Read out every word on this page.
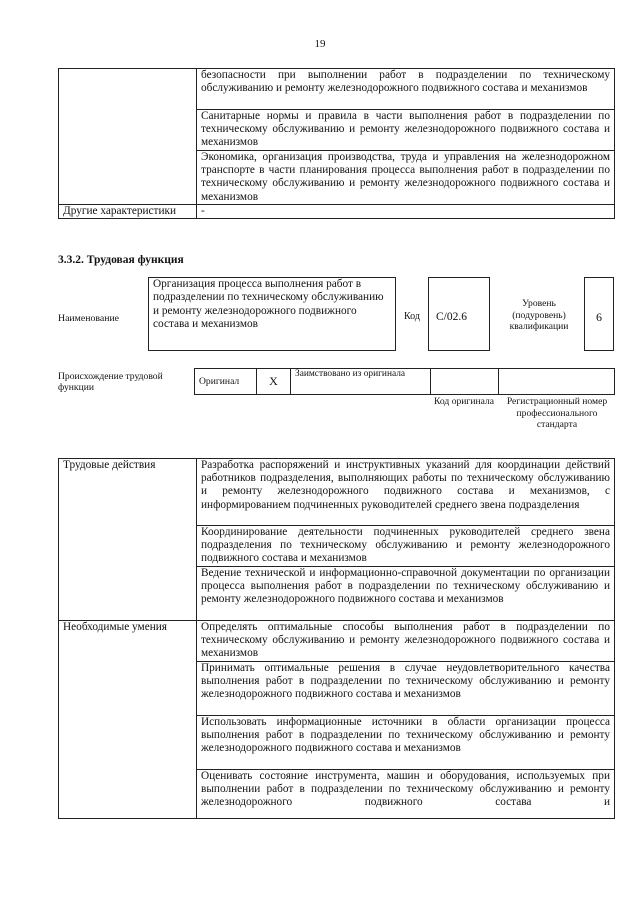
19
	безопасности при выполнении работ в подразделении по техническому обслуживанию и ремонту железнодорожного подвижного состава и механизмов
	Санитарные нормы и правила в части выполнения работ в подразделении по техническому обслуживанию и ремонту железнодорожного подвижного состава и механизмов
	Экономика, организация производства, труда и управления на железнодорожном транспорте в части планирования процесса выполнения работ в подразделении по техническому обслуживанию и ремонту железнодорожного подвижного состава и механизмов
Другие характеристики	-
3.3.2. Трудовая функция
Наименование
Организация процесса выполнения работ в подразделении по техническому обслуживанию и ремонту железнодорожного подвижного состава и механизмов
Код	C/02.6
Уровень (подуровень) квалификации
6
Происхождение трудовой функции
Оригинал	X	Заимствовано из оригинала		
Код оригинала	Регистрационный номер профессионального стандарта
Трудовые действия	Разработка распоряжений и инструктивных указаний для координации действий работников подразделения, выполняющих работы по техническому обслуживанию и ремонту железнодорожного подвижного состава и механизмов, с информированием подчиненных руководителей среднего звена подразделения
	Координирование деятельности подчиненных руководителей среднего звена подразделения по техническому обслуживанию и ремонту железнодорожного подвижного состава и механизмов
	Ведение технической и информационно-справочной документации по организации процесса выполнения работ в подразделении по техническому обслуживанию и ремонту железнодорожного подвижного состава и механизмов
Необходимые умения	Определять оптимальные способы выполнения работ в подразделении по техническому обслуживанию и ремонту железнодорожного подвижного состава и механизмов
	Принимать оптимальные решения в случае неудовлетворительного качества выполнения работ в подразделении по техническому обслуживанию и ремонту железнодорожного подвижного состава и механизмов
	Использовать информационные источники в области организации процесса выполнения работ в подразделении по техническому обслуживанию и ремонту железнодорожного подвижного состава и механизмов
	Оценивать состояние инструмента, машин и оборудования, используемых при выполнении работ в подразделении по техническому обслуживанию и ремонту железнодорожного подвижного состава и
